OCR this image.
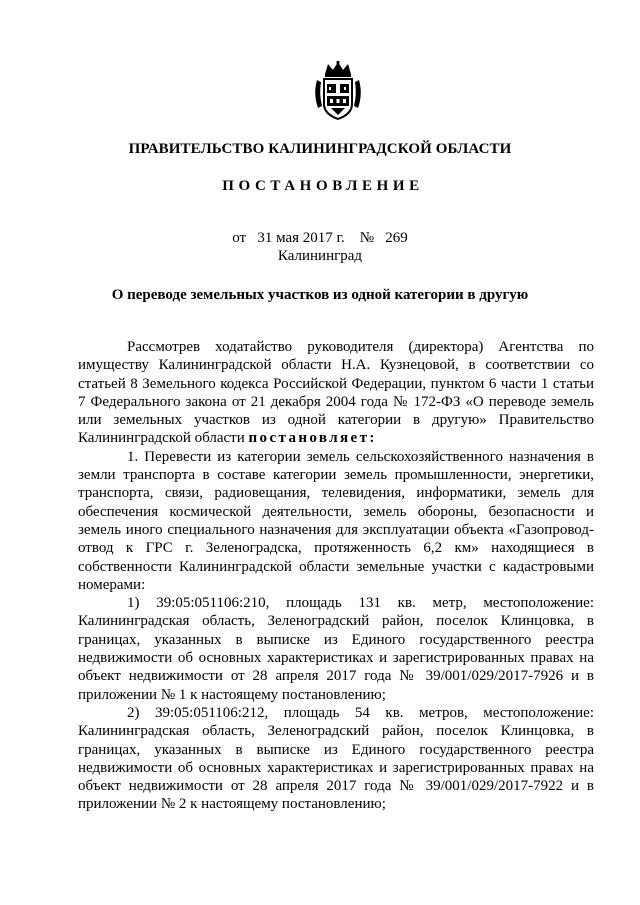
ПРАВИТЕЛЬСТВО КАЛИНИНГРАДСКОЙ ОБЛАСТИ
ПОСТАНОВЛЕНИЕ
от 31 мая 2017 г. № 269
Калининград
О переводе земельных участков из одной категории в другую

Рассмотрев ходатайство руководителя (директора) Агентства по имуществу Калининградской области Н.А. Кузнецовой, в соответствии со статьей 8 Земельного кодекса Российской Федерации, пунктом 6 части 1 статьи 7 Федерального закона от 21 декабря 2004 года № 172-ФЗ «О переводе земель или земельных участков из одной категории в другую» Правительство Калининградской области постановляет:

1. Перевести из категории земель сельскохозяйственного назначения в земли транспорта в составе категории земель промышленности, энергетики, транспорта, связи, радиовещания, телевидения, информатики, земель для обеспечения космической деятельности, земель обороны, безопасности и земель иного специального назначения для эксплуатации объекта «Газопровод-отвод к ГРС г. Зеленоградска, протяженность 6,2 км» находящиеся в собственности Калининградской области земельные участки с кадастровыми номерами:

1) 39:05:051106:210, площадь 131 кв. метр, местоположение: Калининградская область, Зеленоградский район, поселок Клинцовка, в границах, указанных в выписке из Единого государственного реестра недвижимости об основных характеристиках и зарегистрированных правах на объект недвижимости от 28 апреля 2017 года № 39/001/029/2017-7926 и в приложении № 1 к настоящему постановлению;

2) 39:05:051106:212, площадь 54 кв. метров, местоположение: Калининградская область, Зеленоградский район, поселок Клинцовка, в границах, указанных в выписке из Единого государственного реестра недвижимости об основных характеристиках и зарегистрированных правах на объект недвижимости от 28 апреля 2017 года № 39/001/029/2017-7922 и в приложении № 2 к настоящему постановлению;
